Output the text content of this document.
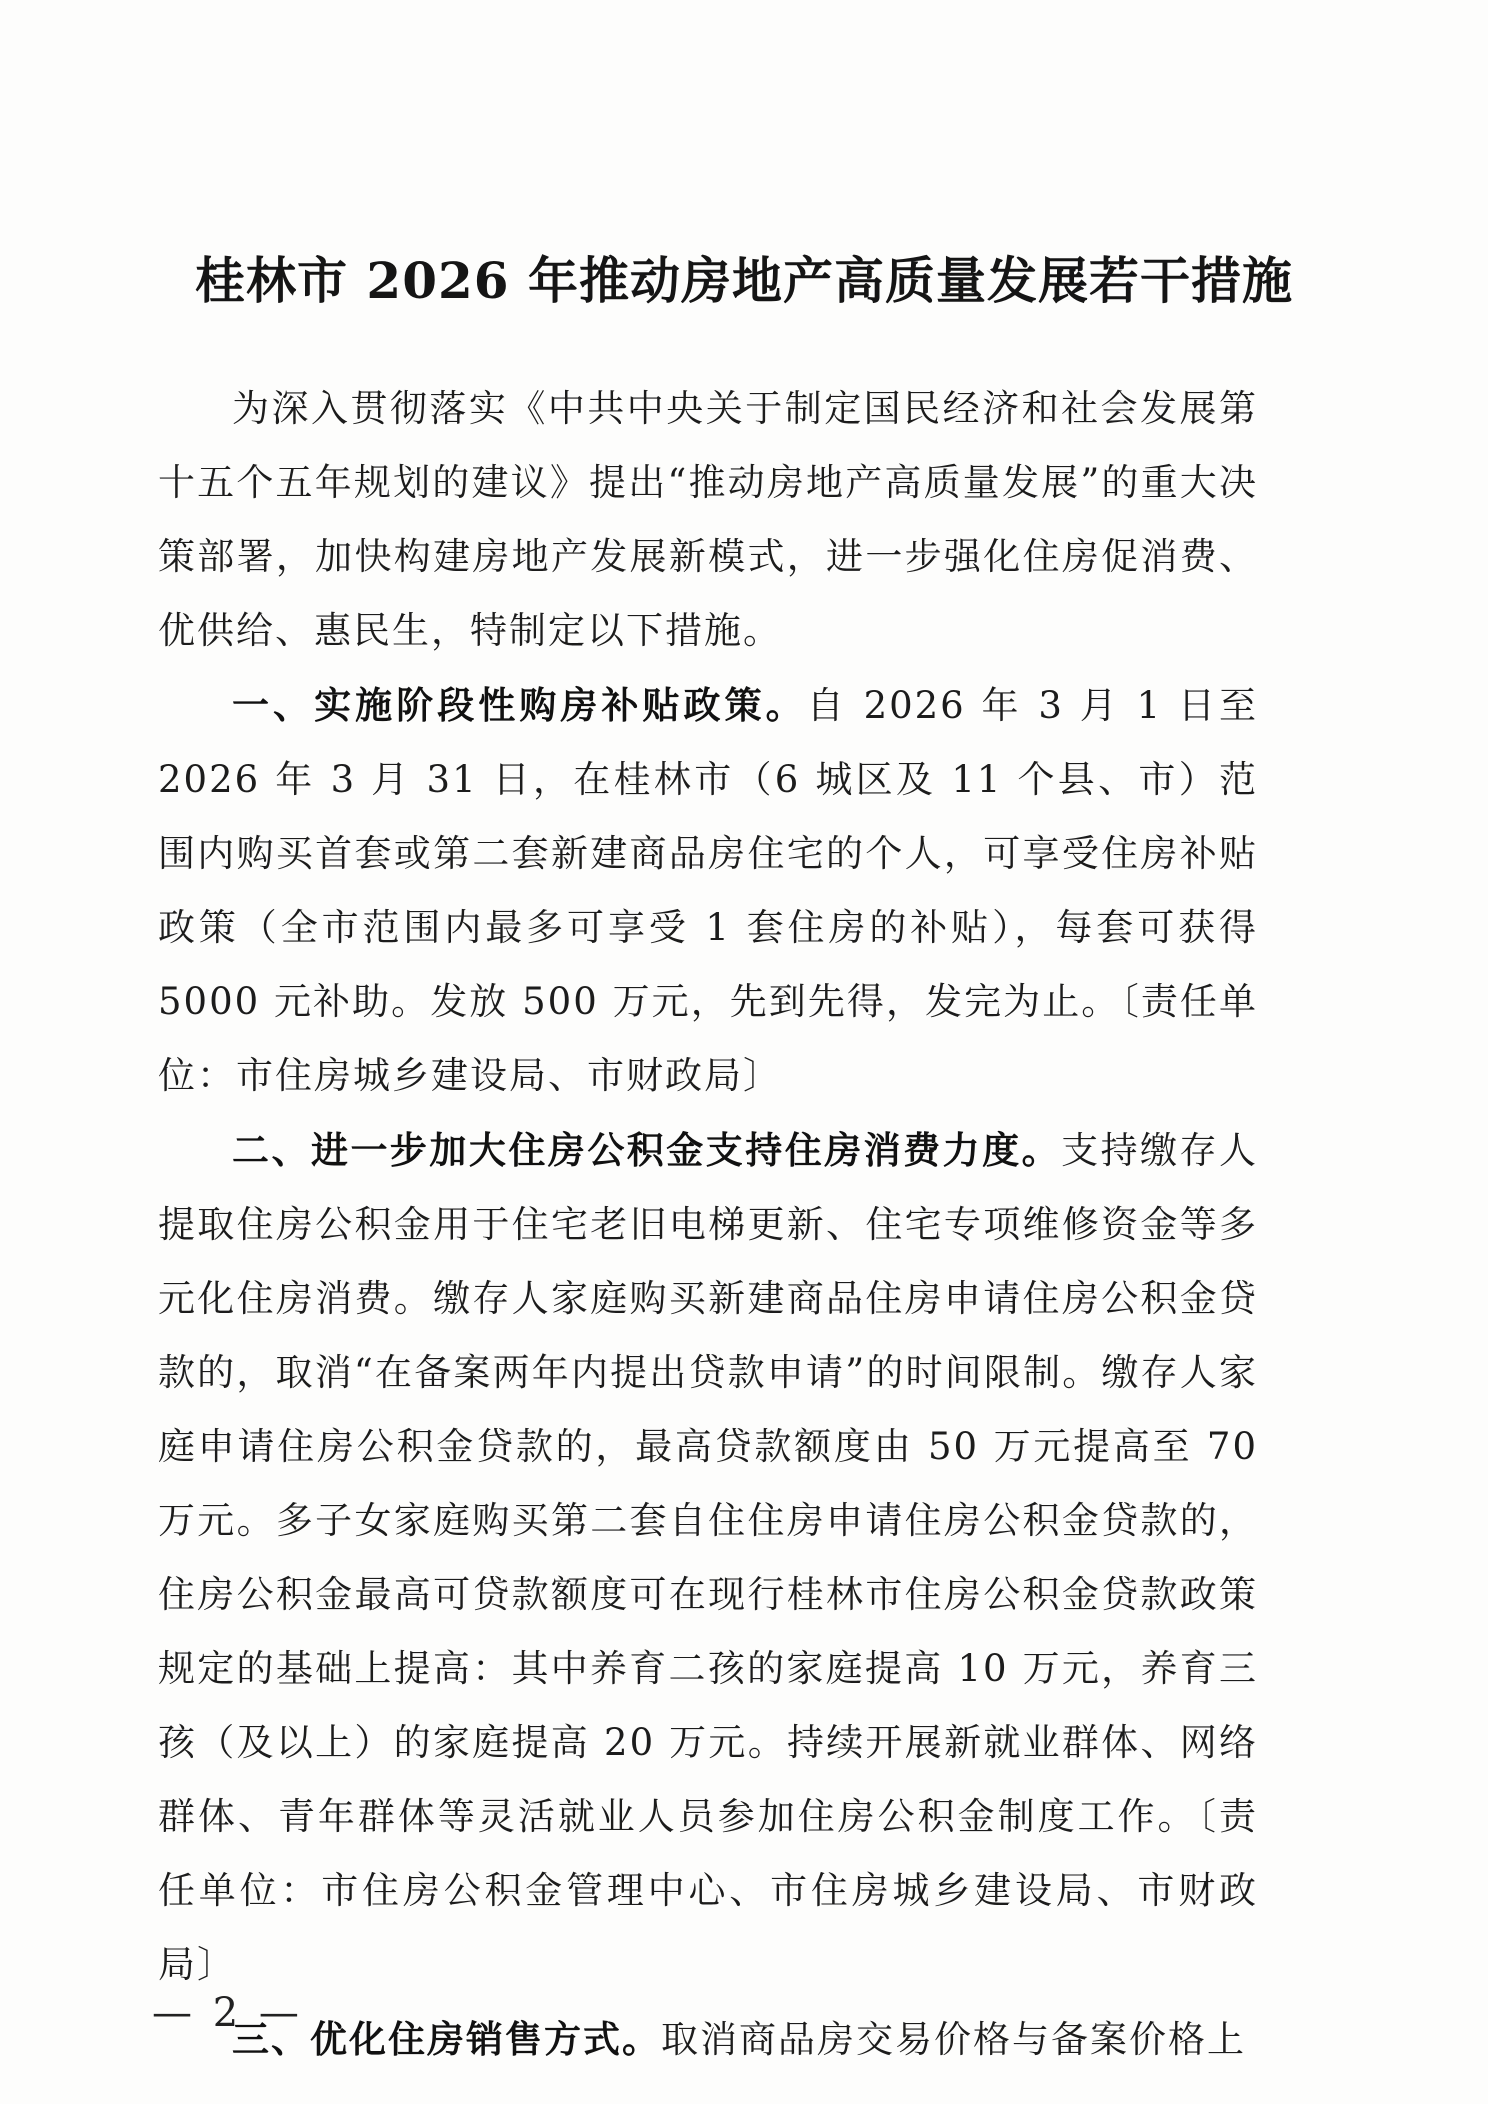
桂林市 2026 年推动房地产高质量发展若干措施

为深入贯彻落实《中共中央关于制定国民经济和社会发展第十五个五年规划的建议》提出“推动房地产高质量发展”的重大决策部署，加快构建房地产发展新模式，进一步强化住房促消费、优供给、惠民生，特制定以下措施。

一、实施阶段性购房补贴政策。自 2026 年 3 月 1 日至 2026 年 3 月 31 日，在桂林市（6 城区及 11 个县、市）范围内购买首套或第二套新建商品房住宅的个人，可享受住房补贴政策（全市范围内最多可享受 1 套住房的补贴），每套可获得 5000 元补助。发放 500 万元，先到先得，发完为止。〔责任单位：市住房城乡建设局、市财政局〕

二、进一步加大住房公积金支持住房消费力度。支持缴存人提取住房公积金用于住宅老旧电梯更新、住宅专项维修资金等多元化住房消费。缴存人家庭购买新建商品住房申请住房公积金贷款的，取消“在备案两年内提出贷款申请”的时间限制。缴存人家庭申请住房公积金贷款的，最高贷款额度由 50 万元提高至 70 万元。多子女家庭购买第二套自住住房申请住房公积金贷款的，住房公积金最高可贷款额度可在现行桂林市住房公积金贷款政策规定的基础上提高：其中养育二孩的家庭提高 10 万元，养育三孩（及以上）的家庭提高 20 万元。持续开展新就业群体、网络群体、青年群体等灵活就业人员参加住房公积金制度工作。〔责任单位：市住房公积金管理中心、市住房城乡建设局、市财政局〕

三、优化住房销售方式。取消商品房交易价格与备案价格上

— 2 —
